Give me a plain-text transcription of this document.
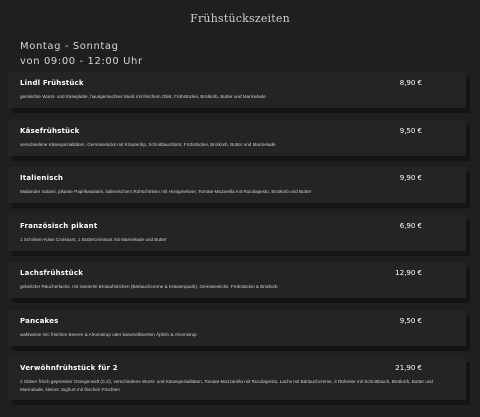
Frühstückszeiten
Montag - Sonntag
von 09:00 - 12:00 Uhr
Lindl Frühstück	8,90 €
gemischte Wurst- und Käseplatte, hausgemachtes Musli mit frischem Obst, Frühstückei, Brotkorb, Butter und Marmelade
Käsefrühstück	9,50 €
verschiedene Käsespezialitäten, Gemüsesticks mit Kräuterdip, Schnittlauchbrot, Frühstückei, Brotkorb, Butter und Marmelade
Italienisch	9,90 €
Mailänder Salami, pikante Paprikasalami, italienischem Rohschinken mit Honigmelone, Tomate-Mozarella mit Rucolapesto, Brotkorb und Butter
Französisch pikant	6,90 €
1 Schinken-Käse Croissant, 1 Buttercroissant mit Marmelade und Butter
Lachsfrühstück	12,90 €
gebeitzter Räucherlachs, mit zweierlei Brotaufstrichen (Bärlauchcreme & Kräuterquark), Gemüsesticks, Frühstückei & Brotkorb
Pancakes	9,50 €
wahlweise mit: frischen Beeren & Ahornsirup oder karamellisierten Äpfeln & Ahornsirup
Verwöhnfrühstück für 2	21,90 €
2 Gläser frisch gepresster Orangensaft (0,1l), verschiedene Wurst- und Käsespezialitäten, Tomate-Mozzarella mit Rucolapesto, Lachs mit Bärlauchcreme, 3 Rühreier mit Schnittlauch, Brotkorb, Butter und Marmelade, kleiner Joghurt mit frischen Früchten
